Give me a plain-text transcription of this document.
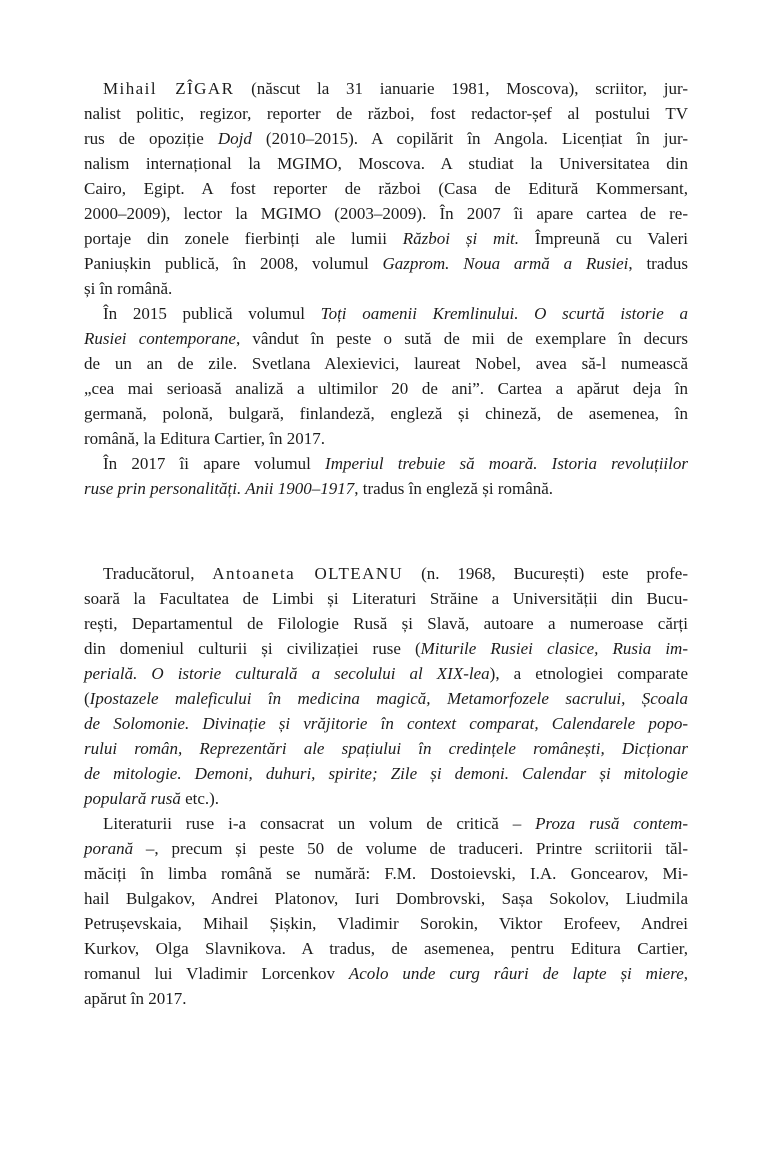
Mihail ZÎGAR (născut la 31 ianuarie 1981, Moscova), scriitor, jur-
nalist politic, regizor, reporter de război, fost redactor-șef al postului TV
rus de opoziție Dojd (2010–2015). A copilărit în Angola. Licențiat în jur-
nalism internațional la MGIMO, Moscova. A studiat la Universitatea din
Cairo, Egipt. A fost reporter de război (Casa de Editură Kommersant,
2000–2009), lector la MGIMO (2003–2009). În 2007 îi apare cartea de re-
portaje din zonele fierbinți ale lumii Război și mit. Împreună cu Valeri
Paniușkin publică, în 2008, volumul Gazprom. Noua armă a Rusiei, tradus
și în română.
În 2015 publică volumul Toți oamenii Kremlinului. O scurtă istorie a
Rusiei contemporane, vândut în peste o sută de mii de exemplare în decurs
de un an de zile. Svetlana Alexievici, laureat Nobel, avea să-l numească
„cea mai serioasă analiză a ultimilor 20 de ani”. Cartea a apărut deja în
germană, polonă, bulgară, finlandeză, engleză și chineză, de asemenea, în
română, la Editura Cartier, în 2017.
În 2017 îi apare volumul Imperiul trebuie să moară. Istoria revoluțiilor
ruse prin personalități. Anii 1900–1917, tradus în engleză și română.
Traducătorul, Antoaneta OLTEANU (n. 1968, București) este profe-
soară la Facultatea de Limbi și Literaturi Străine a Universității din Bucu-
rești, Departamentul de Filologie Rusă și Slavă, autoare a numeroase cărți
din domeniul culturii și civilizației ruse (Miturile Rusiei clasice, Rusia im-
perială. O istorie culturală a secolului al XIX-lea), a etnologiei comparate
(Ipostazele maleficului în medicina magică, Metamorfozele sacrului, Școala
de Solomonie. Divinație și vrăjitorie în context comparat, Calendarele popo-
rului român, Reprezentări ale spațiului în credințele românești, Dicționar
de mitologie. Demoni, duhuri, spirite; Zile și demoni. Calendar și mitologie
populară rusă etc.).
Literaturii ruse i-a consacrat un volum de critică – Proza rusă contem-
porană –, precum și peste 50 de volume de traduceri. Printre scriitorii tăl-
măciți în limba română se numără: F.M. Dostoievski, I.A. Goncearov, Mi-
hail Bulgakov, Andrei Platonov, Iuri Dombrovski, Sașa Sokolov, Liudmila
Petrușevskaia, Mihail Șișkin, Vladimir Sorokin, Viktor Erofeev, Andrei
Kurkov, Olga Slavnikova. A tradus, de asemenea, pentru Editura Cartier,
romanul lui Vladimir Lorcenkov Acolo unde curg râuri de lapte și miere,
apărut în 2017.
